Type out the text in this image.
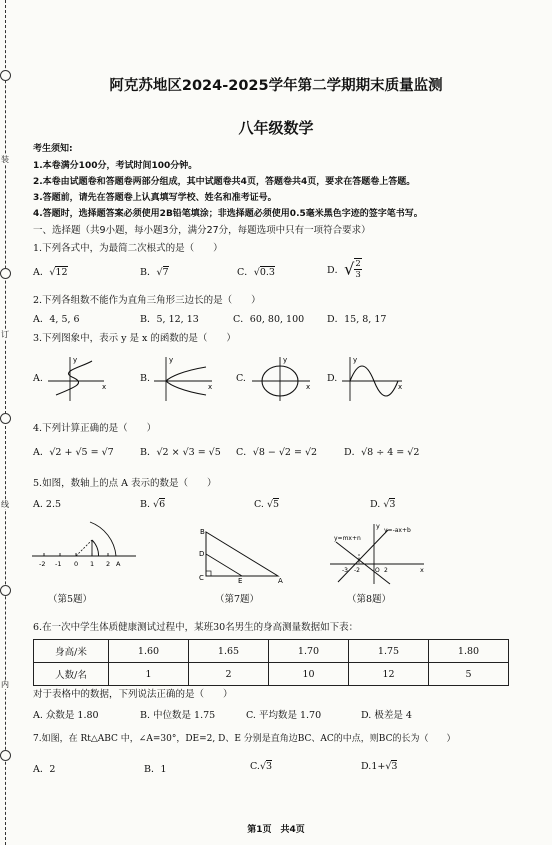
装
订
线
内
阿克苏地区2024-2025学年第二学期期末质量监测
八年级数学
考生须知:
1.本卷满分100分，考试时间100分钟。
2.本卷由试题卷和答题卷两部分组成，其中试题卷共4页，答题卷共4页，要求在答题卷上答题。
3.答题前，请先在答题卷上认真填写学校、姓名和准考证号。
4.答题时，选择题答案必须使用2B铅笔填涂；非选择题必须使用0.5毫米黑色字迹的签字笔书写。
一、选择题（共9小题，每小题3分，满分27分，每题选项中只有一项符合要求）
1.下列各式中，为最简二次根式的是（　　）
A．√12	B．√7	C．√0.3	D．√ $\frac{2}{3}$
2.下列各组数不能作为直角三角形三边长的是（　　）
A．4, 5, 6	B．5, 12, 13	C．60, 80, 100 D．15, 8, 17
3.下列图象中，表示 y 是 x 的函数的是（　　）
A.	B.	C.	D.
x
y
x
y
x
y
x
y
4.下列计算正确的是（　　）
A．√2 + √5 = √7	B．√2 × √3 = √5 C．√8 − √2 = √2	D．√8 ÷ 4 = √2
5.如图，数轴上的点 A 表示的数是（　　）
A. 2.5	B. √6	C. √5	D. √3
-2 -1 0 1 2 A
（第5题）
B
D
C	E	A
（第7题）
y=mx+n
y=-ax+b
x
y
-3 -2	O 2
（第8题）
6.在一次中学生体质健康测试过程中，某班30名男生的身高测量数据如下表：
身高/米	1.60	1.65	1.70	1.75	1.80
人数/名	1	2	10	12	5
对于表格中的数据，下列说法正确的是（　　）
A. 众数是 1.80	B. 中位数是 1.75	C. 平均数是 1.70	D. 极差是 4
7.如图，在 Rt△ABC 中，∠A=30°，DE=2, D、E 分别是直角边BC、AC的中点，则BC的长为（　　）
A．2	B．1	C.√3	D.1+√3
第1页　共4页
